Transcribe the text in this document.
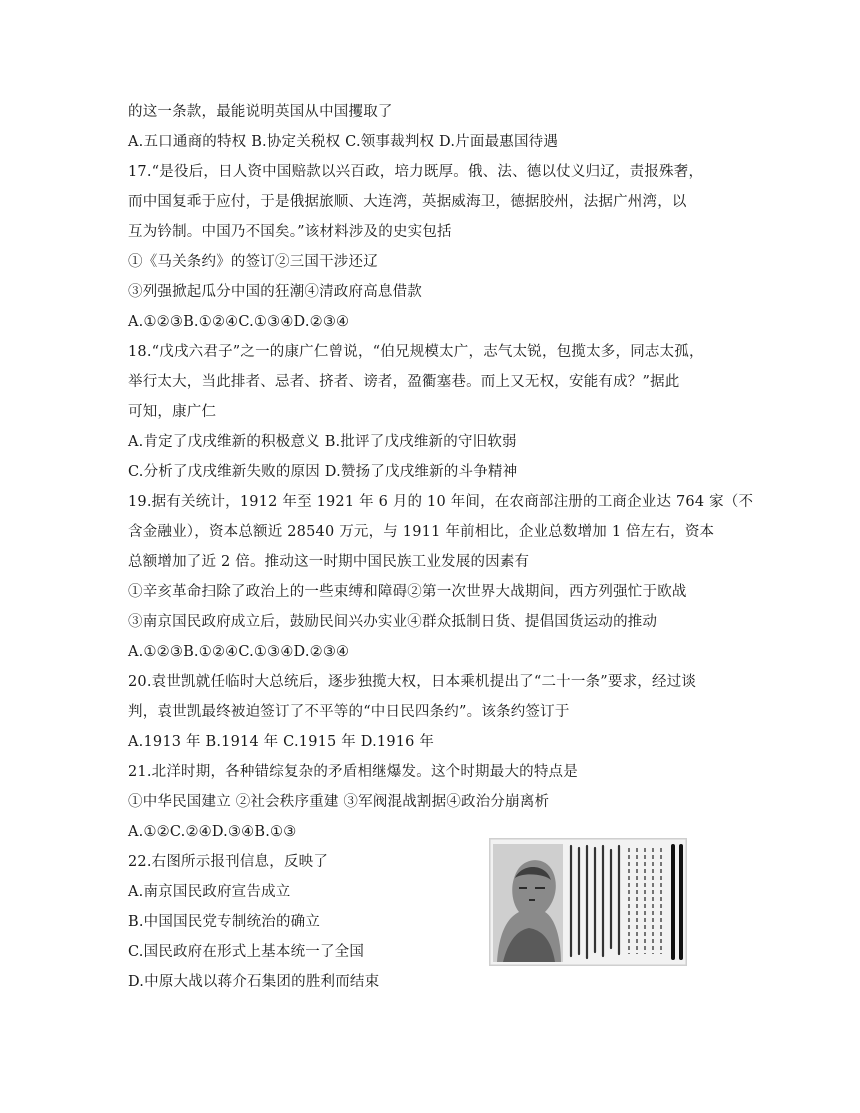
的这一条款，最能说明英国从中国攫取了
A.五口通商的特权 B.协定关税权 C.领事裁判权 D.片面最惠国待遇
17.“是役后，日人资中国赔款以兴百政，培力既厚。俄、法、德以仗义归辽，责报殊奢，
而中国复乖于应付，于是俄据旅顺、大连湾，英据威海卫，德据胶州，法据广州湾，以
互为钤制。中国乃不国矣。”该材料涉及的史实包括
①《马关条约》的签订②三国干涉还辽
③列强掀起瓜分中国的狂潮④清政府高息借款
A.①②③B.①②④C.①③④D.②③④
18.“戊戌六君子”之一的康广仁曾说，“伯兄规模太广，志气太锐，包揽太多，同志太孤，
举行太大，当此排者、忌者、挤者、谤者，盈衢塞巷。而上又无权，安能有成？”据此
可知，康广仁
A.肯定了戊戌维新的积极意义 B.批评了戊戌维新的守旧软弱
C.分析了戊戌维新失败的原因 D.赞扬了戊戌维新的斗争精神
19.据有关统计，1912 年至 1921 年 6 月的 10 年间，在农商部注册的工商企业达 764 家（不
含金融业），资本总额近 28540 万元，与 1911 年前相比，企业总数增加 1 倍左右，资本
总额增加了近 2 倍。推动这一时期中国民族工业发展的因素有
①辛亥革命扫除了政治上的一些束缚和障碍②第一次世界大战期间，西方列强忙于欧战
③南京国民政府成立后，鼓励民间兴办实业④群众抵制日货、提倡国货运动的推动
A.①②③B.①②④C.①③④D.②③④
20.袁世凯就任临时大总统后，逐步独揽大权，日本乘机提出了“二十一条”要求，经过谈
判，袁世凯最终被迫签订了不平等的“中日民四条约”。该条约签订于
A.1913 年 B.1914 年 C.1915 年 D.1916 年
21.北洋时期，各种错综复杂的矛盾相继爆发。这个时期最大的特点是
①中华民国建立 ②社会秩序重建 ③军阀混战割据④政治分崩离析
A.①②C.②④D.③④B.①③
22.右图所示报刊信息，反映了
A.南京国民政府宣告成立
B.中国国民党专制统治的确立
C.国民政府在形式上基本统一了全国
D.中原大战以蒋介石集团的胜利而结束
